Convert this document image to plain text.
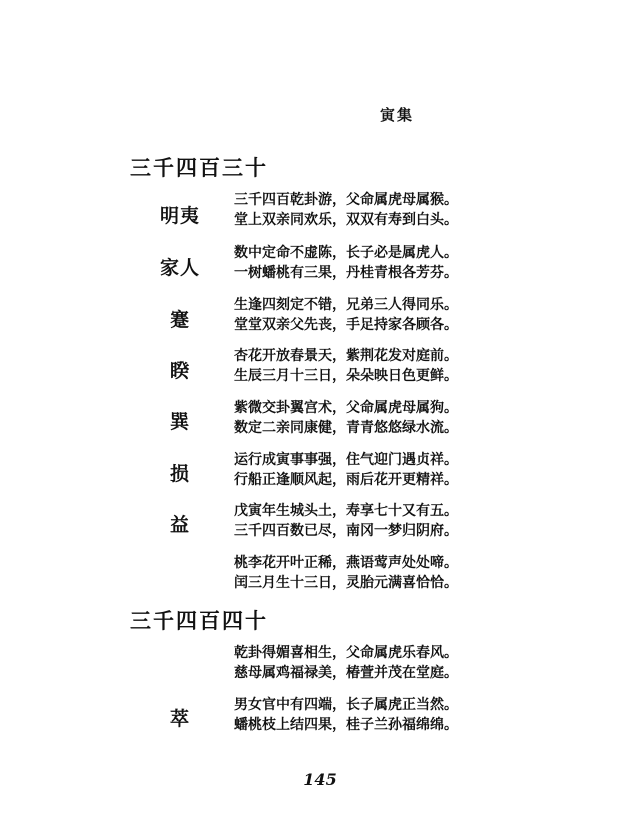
寅集
三千四百三十
明夷
三千四百乾卦游，父命属虎母属猴。
堂上双亲同欢乐，双双有寿到白头。
家人
数中定命不虚陈，长子必是属虎人。
一树蟠桃有三果，丹桂青根各芳芬。
蹇
生逢四刻定不错，兄弟三人得同乐。
堂堂双亲父先丧，手足持家各顾各。
睽
杏花开放春景天，紫荆花发对庭前。
生辰三月十三日，朵朵映日色更鲜。
巽
紫微交卦翼宫术，父命属虎母属狗。
数定二亲同康健，青青悠悠绿水流。
损
运行成寅事事强，住气迎门遇贞祥。
行船正逢顺风起，雨后花开更精祥。
益
戊寅年生城头土，寿享七十又有五。
三千四百数已尽，南冈一梦归阴府。
桃李花开叶正稀，燕语莺声处处啼。
闰三月生十三日，灵胎元满喜恰恰。
三千四百四十
乾卦得媚喜相生，父命属虎乐春风。
慈母属鸡福禄美，椿萱并茂在堂庭。
萃
男女官中有四端，长子属虎正当然。
蟠桃枝上结四果，桂子兰孙福绵绵。
145
